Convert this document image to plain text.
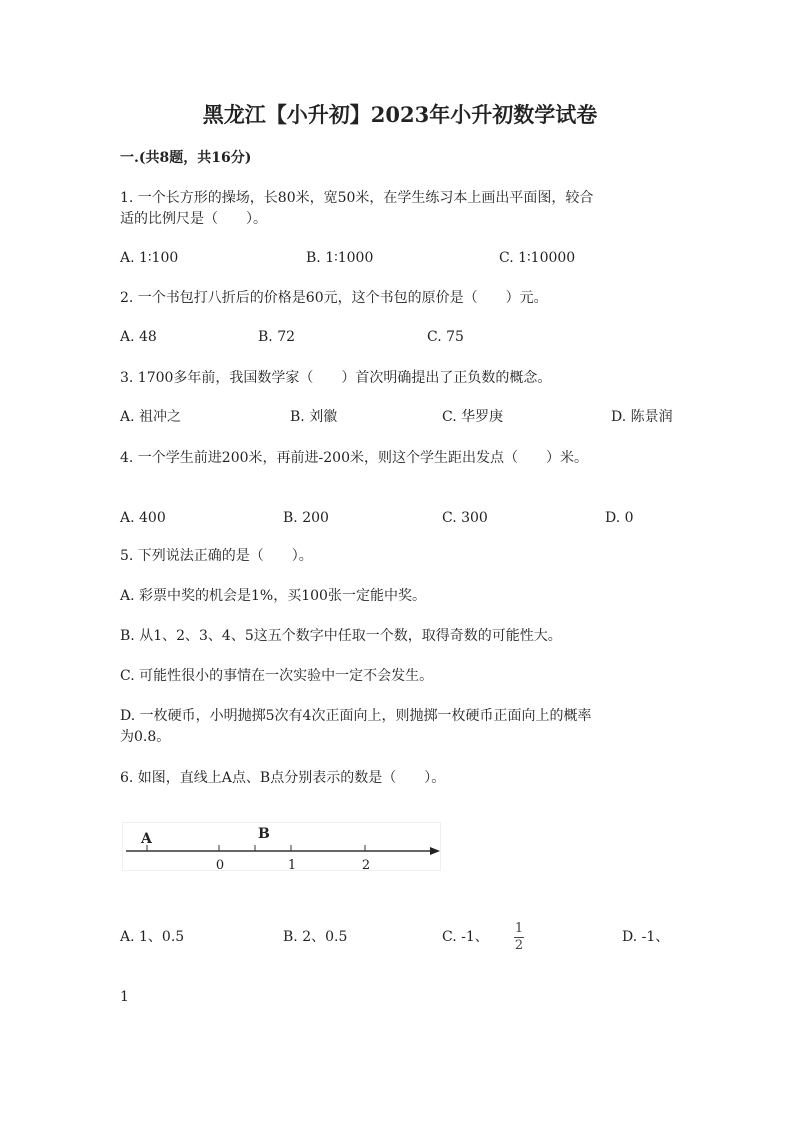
黑龙江【小升初】2023年小升初数学试卷
一.(共8题，共16分)
1. 一个长方形的操场，长80米，宽50米，在学生练习本上画出平面图，较合
适的比例尺是（　　）。
A. 1∶100	B. 1∶1000	C. 1∶10000
2. 一个书包打八折后的价格是60元，这个书包的原价是（　　）元。
A. 48	B. 72	C. 75
3. 1700多年前，我国数学家（　　）首次明确提出了正负数的概念。
A. 祖冲之	B. 刘徽	C. 华罗庚	D. 陈景润
4. 一个学生前进200米，再前进-200米，则这个学生距出发点（　　）米。
A. 400	B. 200	C. 300	D. 0
5. 下列说法正确的是（　　）。
A. 彩票中奖的机会是1%，买100张一定能中奖。
B. 从1、2、3、4、5这五个数字中任取一个数，取得奇数的可能性大。
C. 可能性很小的事情在一次实验中一定不会发生。
D. 一枚硬币，小明抛掷5次有4次正面向上，则抛掷一枚硬币正面向上的概率
为0.8。
6. 如图，直线上A点、B点分别表示的数是（　　）。
A	B
0	1	2
A. 1、0.5	B. 2、0.5	C. -1、
1
2
D. -1、
1
